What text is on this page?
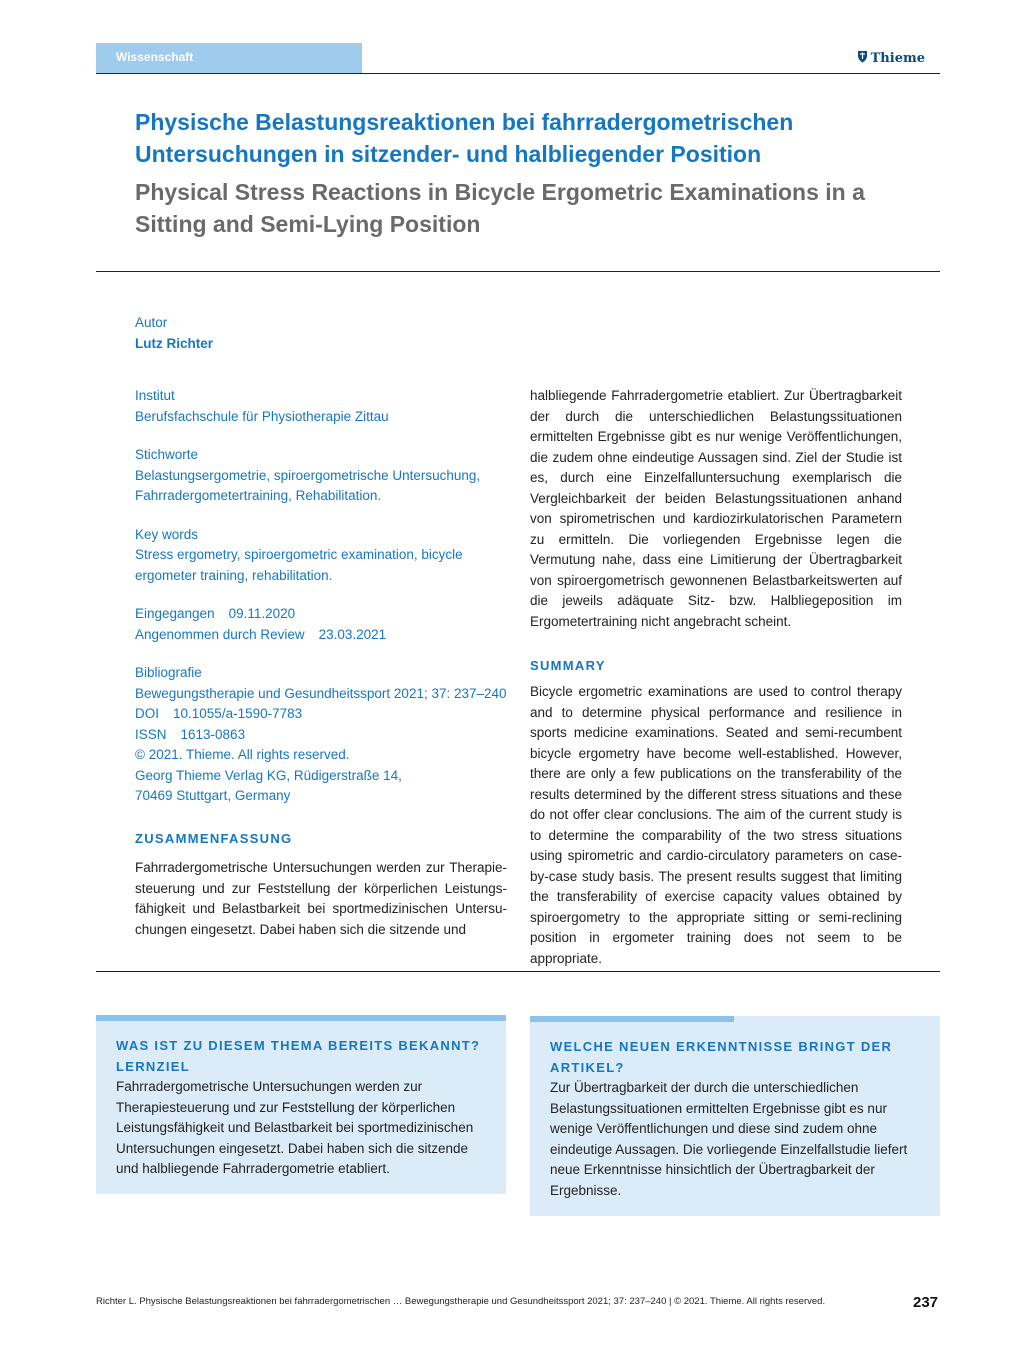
Wissenschaft	Thieme
Physische Belastungsreaktionen bei fahrradergometrischen Untersuchungen in sitzender- und halbliegender Position
Physical Stress Reactions in Bicycle Ergometric Examinations in a Sitting and Semi-Lying Position
Autor
Lutz Richter
Institut
Berufsfachschule für Physiotherapie Zittau
Stichworte
Belastungsergometrie, spiroergometrische Untersuchung, Fahrradergometertraining, Rehabilitation.
Key words
Stress ergometry, spiroergometric examination, bicycle ergometer training, rehabilitation.
Eingegangen 09.11.2020
Angenommen durch Review 23.03.2021
Bibliografie
Bewegungstherapie und Gesundheitssport 2021; 37: 237–240
DOI 10.1055/a-1590-7783
ISSN 1613-0863
© 2021. Thieme. All rights reserved.
Georg Thieme Verlag KG, Rüdigerstraße 14,
70469 Stuttgart, Germany

ZUSAMMENFASSUNG

Fahrradergometrische Untersuchungen werden zur Therapiesteuerung und zur Feststellung der körperlichen Leistungsfähigkeit und Belastbarkeit bei sportmedizinischen Untersuchungen eingesetzt. Dabei haben sich die sitzende und

halbliegende Fahrradergometrie etabliert. Zur Übertragbarkeit der durch die unterschiedlichen Belastungssituationen ermittelten Ergebnisse gibt es nur wenige Veröffentlichungen, die zudem ohne eindeutige Aussagen sind. Ziel der Studie ist es, durch eine Einzelfalluntersuchung exemplarisch die Vergleichbarkeit der beiden Belastungssituationen anhand von spirometrischen und kardiozirkulatorischen Parametern zu ermitteln. Die vorliegenden Ergebnisse legen die Vermutung nahe, dass eine Limitierung der Übertragbarkeit von spiroergometrisch gewonnenen Belastbarkeitswerten auf die jeweils adäquate Sitz- bzw. Halbliegeposition im Ergometertraining nicht angebracht scheint.

SUMMARY

Bicycle ergometric examinations are used to control therapy and to determine physical performance and resilience in sports medicine examinations. Seated and semi-recumbent bicycle ergometry have become well-established. However, there are only a few publications on the transferability of the results determined by the different stress situations and these do not offer clear conclusions. The aim of the current study is to determine the comparability of the two stress situations using spirometric and cardio-circulatory parameters on case-by-case study basis. The present results suggest that limiting the transferability of exercise capacity values obtained by spiroergometry to the appropriate sitting or semi-reclining position in ergometer training does not seem to be appropriate.

WAS IST ZU DIESEM THEMA BEREITS BEKANNT? LERNZIEL

Fahrradergometrische Untersuchungen werden zur Therapiesteuerung und zur Feststellung der körperlichen Leistungsfähigkeit und Belastbarkeit bei sportmedizinischen Untersuchungen eingesetzt. Dabei haben sich die sitzende und halbliegende Fahrradergometrie etabliert.

WELCHE NEUEN ERKENNTNISSE BRINGT DER ARTIKEL?

Zur Übertragbarkeit der durch die unterschiedlichen Belastungssituationen ermittelten Ergebnisse gibt es nur wenige Veröffentlichungen und diese sind zudem ohne eindeutige Aussagen. Die vorliegende Einzelfallstudie liefert neue Erkenntnisse hinsichtlich der Übertragbarkeit der Ergebnisse.

Richter L. Physische Belastungsreaktionen bei fahrradergometrischen … Bewegungstherapie und Gesundheitssport 2021; 37: 237–240 | © 2021. Thieme. All rights reserved.	237
